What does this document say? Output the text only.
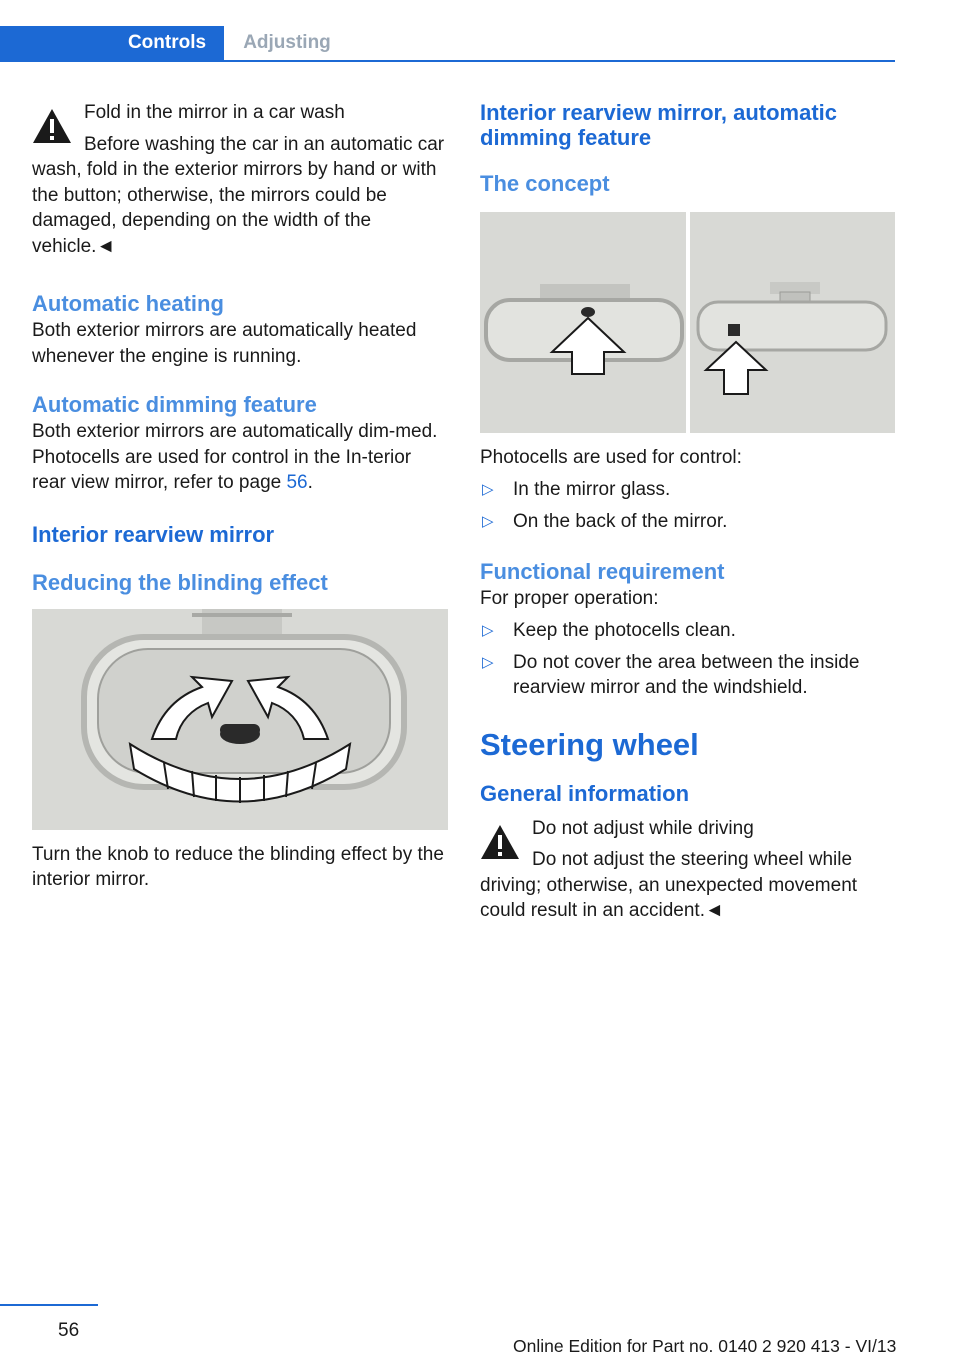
Controls	Adjusting

Fold in the mirror in a car wash

Before washing the car in an automatic car wash, fold in the exterior mirrors by hand or with the button; otherwise, the mirrors could be damaged, depending on the width of the vehicle.◄

Automatic heating

Both exterior mirrors are automatically heated whenever the engine is running.

Automatic dimming feature

Both exterior mirrors are automatically dim‐med. Photocells are used for control in the In‐terior rear view mirror, refer to page 56.

Interior rearview mirror
Reducing the blinding effect

Turn the knob to reduce the blinding effect by the interior mirror.

Interior rearview mirror, automatic dimming feature
The concept

Photocells are used for control:

▷ In the mirror glass.
▷ On the back of the mirror.
Functional requirement

For proper operation:

▷ Keep the photocells clean.
▷ Do not cover the area between the inside rearview mirror and the windshield.
Steering wheel
General information

Do not adjust while driving

Do not adjust the steering wheel while driving; otherwise, an unexpected movement could result in an accident.◄

56
Online Edition for Part no. 0140 2 920 413 - VI/13
